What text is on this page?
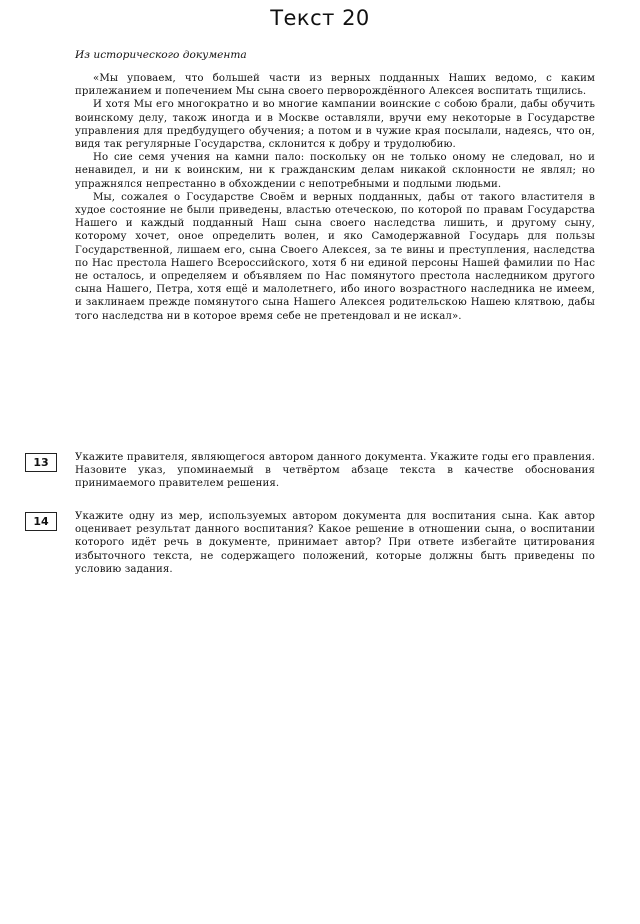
Текст 20

Из исторического документа

«Мы уповаем, что большей части из верных подданных Наших ведомо, с каким прилежанием и попечением Мы сына своего перворождённого Алексея воспитать тщились.

И хотя Мы его многократно и во многие кампании воинские с собою брали, дабы обучить воинскому делу, також иногда и в Москве оставляли, вручи ему некоторые в Государстве управления для предбудущего обучения; а потом и в чужие края посылали, надеясь, что он, видя так регулярные Государства, склонится к добру и трудолюбию.

Но сие семя учения на камни пало: поскольку он не только оному не следовал, но и ненавидел, и ни к воинским, ни к гражданским делам никакой склонности не являл; но упражнялся непрестанно в обхождении с непотребными и подлыми людьми.

Мы, сожалея о Государстве Своём и верных подданных, дабы от такого властителя в худое состояние не были приведены, властью отеческою, по которой по правам Государства Нашего и каждый подданный Наш сына своего наследства лишить, и другому сыну, которому хочет, оное определить волен, и яко Самодержавной Государь для пользы Государственной, лишаем его, сына Своего Алексея, за те вины и преступления, наследства по Нас престола Нашего Всероссийского, хотя б ни единой персоны Нашей фамилии по Нас не осталось, и определяем и объявляем по Нас помянутого престола наследником другого сына Нашего, Петра, хотя ещё и малолетнего, ибо иного возрастного наследника не имеем, и заклинаем прежде помянутого сына Нашего Алексея родительскою Нашею клятвою, дабы того наследства ни в которое время себе не претендовал и не искал».

13	Укажите правителя, являющегося автором данного документа. Укажите годы его правления. Назовите указ, упоминаемый в четвёртом абзаце текста в качестве обоснования принимаемого правителем решения.
14	Укажите одну из мер, используемых автором документа для воспитания сына. Как автор оценивает результат данного воспитания? Какое решение в отношении сына, о воспитании которого идёт речь в документе, принимает автор? При ответе избегайте цитирования избыточного текста, не содержащего положений, которые должны быть приведены по условию задания.
